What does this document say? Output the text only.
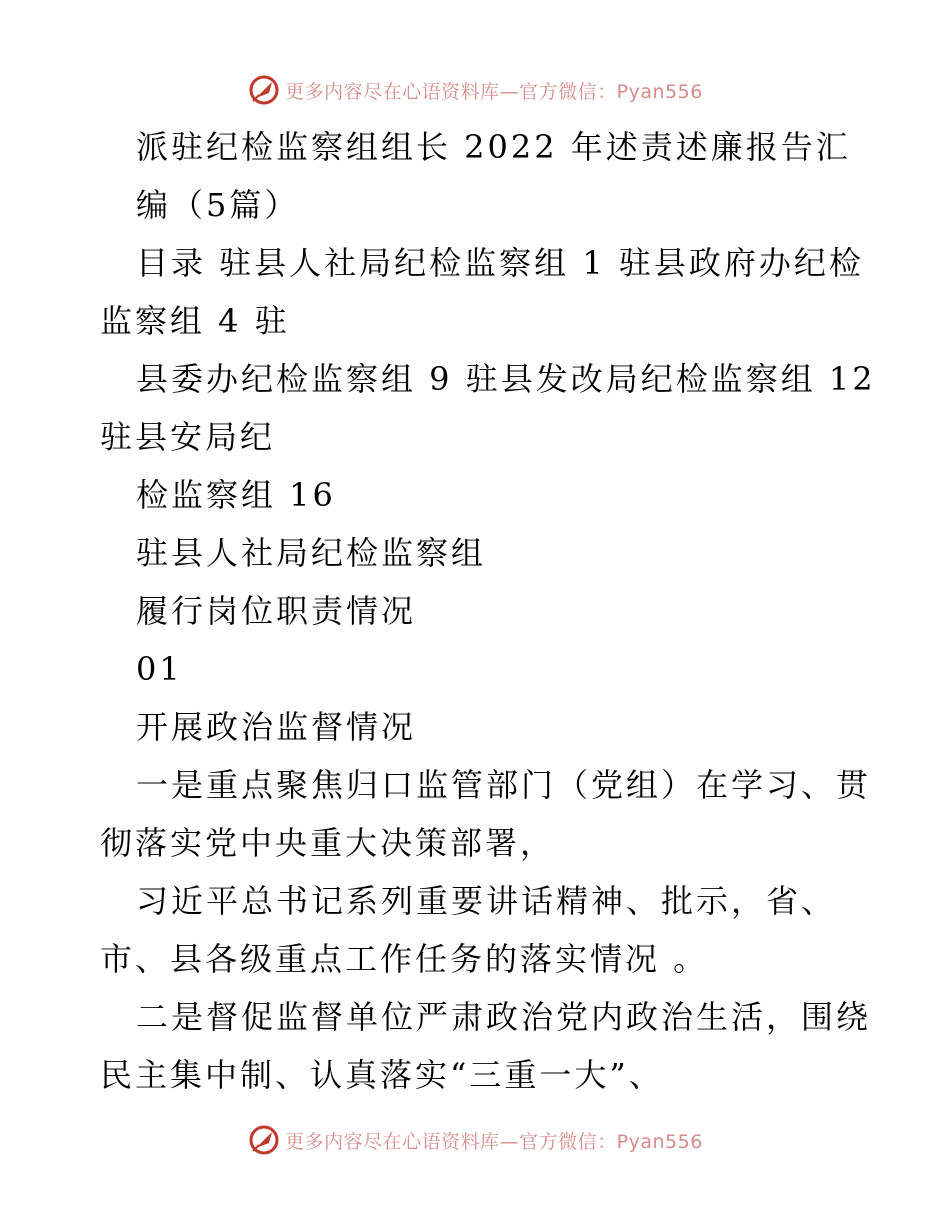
更多内容尽在心语资料库—官方微信：Pyan556
派驻纪检监察组组长 2022 年述责述廉报告汇
编（5篇）
目录 驻县人社局纪检监察组 1 驻县政府办纪检
监察组 4 驻
县委办纪检监察组 9 驻县发改局纪检监察组 12
驻县安局纪
检监察组 16
驻县人社局纪检监察组
履行岗位职责情况
01
开展政治监督情况
一是重点聚焦归口监管部门（党组）在学习、贯
彻落实党中央重大决策部署，
习近平总书记系列重要讲话精神、批示，省、
市、县各级重点工作任务的落实情况 。
二是督促监督单位严肃政治党内政治生活，围绕
民主集中制、认真落实“三重一大”、
更多内容尽在心语资料库—官方微信：Pyan556
